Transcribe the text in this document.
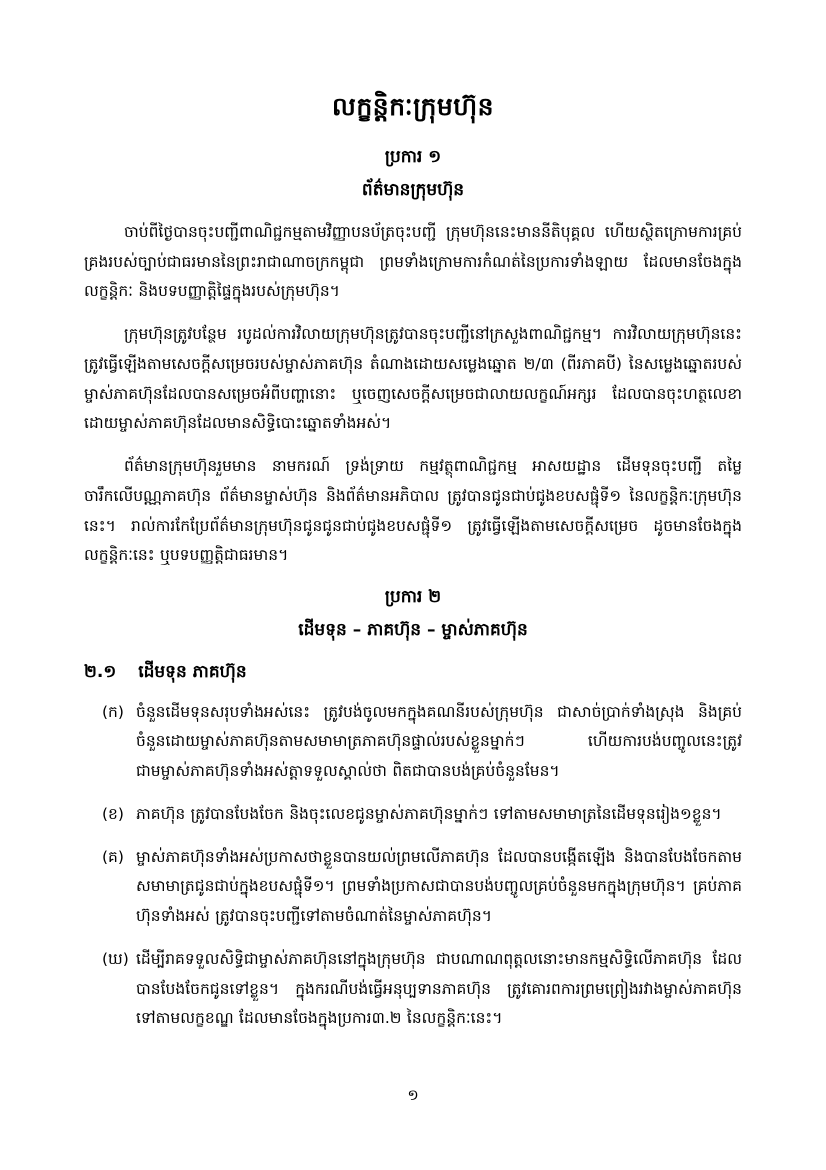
លក្ខន្តិកៈក្រុមហ៊ុន
ប្រការ ១
ព័ត៌មានក្រុមហ៊ុន

ចាប់ពីថ្ងៃបានចុះបញ្ជីពាណិជ្ជកម្មតាមវិញ្ញាបនប័ត្រចុះបញ្ជី ក្រុមហ៊ុននេះមាននីតិបុគ្គល ហើយស្ថិតក្រោមការគ្រប់គ្រងរបស់ច្បាប់ជាធរមាននៃព្រះរាជាណាចក្រកម្ពុជា ព្រមទាំងក្រោមការកំណត់នៃប្រការទាំងឡាយ ដែលមានចែងក្នុងលក្ខន្តិកៈ និងបទបញ្ញាត្តិផ្ទៃក្នុងរបស់ក្រុមហ៊ុន។

ក្រុមហ៊ុនត្រូវបន្ថែម របូដល់ការវិលាយក្រុមហ៊ុនត្រូវបានចុះបញ្ជីនៅក្រសួងពាណិជ្ជកម្ម។ ការវិលាយក្រុមហ៊ុននេះ ត្រូវធ្វើឡើងតាមសេចក្តីសម្រេចរបស់ម្ចាស់ភាគហ៊ុន តំណាងដោយសម្លេងឆ្នោត ២/៣ (ពីរភាគបី) នៃសម្លេងឆ្នោតរបស់ម្ចាស់ភាគហ៊ុនដែលបានសម្រេចអំពីបញ្ហានោះ ឬចេញសេចក្តីសម្រេចជាលាយលក្ខណ៍អក្សរ ដែលបានចុះហត្ថលេខាដោយម្ចាស់ភាគហ៊ុនដែលមានសិទ្ធិបោះឆ្នោតទាំងអស់។

ព័ត៌មានក្រុមហ៊ុនរួមមាន នាមករណ៍ ទ្រង់ទ្រាយ កម្មវត្ថុពាណិជ្ជកម្ម អាសយដ្ឋាន ដើមទុនចុះបញ្ជី តម្លៃចារឹកលើបណ្ណភាគហ៊ុន ព័ត៌មានម្ចាស់ហ៊ុន និងព័ត៌មានអភិបាល ត្រូវបានជូនជាប់ជូងខបសផ្ជុំទី១ នៃលក្ខន្តិកៈក្រុមហ៊ុននេះ។ រាល់ការកែប្រែព័ត៌មានក្រុមហ៊ុនជូនជូនជាប់ជូងខបសផ្ជុំទី១ ត្រូវធ្វើឡើងតាមសេចក្តីសម្រេច ដូចមានចែងក្នុងលក្ខន្តិកៈនេះ ឬបទបញ្ញត្តិជាធរមាន។

ប្រការ ២
ដើមទុន – ភាគហ៊ុន – ម្ចាស់ភាគហ៊ុន
២.១ ដើមទុន ភាគហ៊ុន
(ក) ចំនួនដើមទុនសរុបទាំងអស់នេះ ត្រូវបង់ចូលមកក្នុងគណនីរបស់ក្រុមហ៊ុន ជាសាច់ប្រាក់ទាំងស្រុង និងគ្រប់ចំនួនដោយម្ចាស់ភាគហ៊ុនតាមសមាមាត្រភាគហ៊ុនផ្ទាល់របស់ខ្លួនម្នាក់ៗ ហើយការបង់បញ្ចូលនេះត្រូវជាមម្ចាស់ភាគហ៊ុនទាំងអស់ត្តាទទួលស្គាល់ថា ពិតជាបានបង់គ្រប់ចំនួនមែន។
(ខ) ភាគហ៊ុន ត្រូវបានបែងចែក និងចុះលេខជូនម្ចាស់ភាគហ៊ុនម្នាក់ៗ ទៅតាមសមាមាត្រនៃដើមទុនរៀង១ខ្លួន។
(គ) ម្ចាស់ភាគហ៊ុនទាំងអស់ប្រកាសថាខ្លួនបានយល់ព្រមលើភាគហ៊ុន ដែលបានបង្កើតឡើង និងបានបែងចែកតាមសមាមាត្រជូនជាប់ក្នុងខបសផ្ជុំទី១។ ព្រមទាំងប្រកាសជាបានបង់បញ្ចូលគ្រប់ចំនួនមកក្នុងក្រុមហ៊ុន។ គ្រប់ភាគហ៊ុនទាំងអស់ ត្រូវបានចុះបញ្ជីទៅតាមចំណាត់នៃម្ចាស់ភាគហ៊ុន។
(ឃ) ដើម្បីរាគទទួលសិទ្ធិជាម្ចាស់ភាគហ៊ុននៅក្នុងក្រុមហ៊ុន ជាបណាណពុត្តលនោះមានកម្មសិទ្ធិលើភាគហ៊ុន ដែលបានបែងចែកជូនទៅខ្លួន។ ក្នុងករណីបង់ធ្វើអនុប្បទានភាគហ៊ុន ត្រូវគោរពការព្រមព្រៀងរវាងម្ចាស់ភាគហ៊ុនទៅតាមលក្ខខណ្ឌ ដែលមានចែងក្នុងប្រការ៣.២ នៃលក្ខន្តិកៈនេះ។
១
